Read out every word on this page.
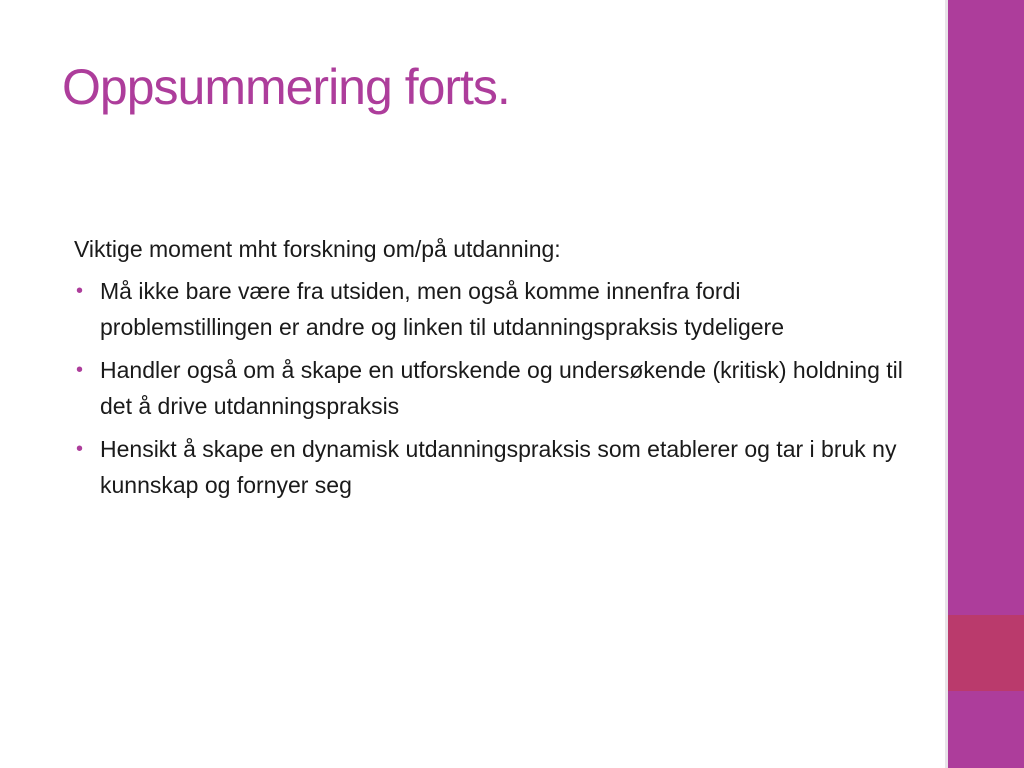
Oppsummering forts.

Viktige moment mht forskning om/på utdanning:

• Må ikke bare være fra utsiden, men også komme innenfra fordi problemstillingen er andre og linken til utdanningspraksis tydeligere
• Handler også om å skape en utforskende og undersøkende (kritisk) holdning til det å drive utdanningspraksis
• Hensikt å skape en dynamisk utdanningspraksis som etablerer og tar i bruk ny kunnskap og fornyer seg
